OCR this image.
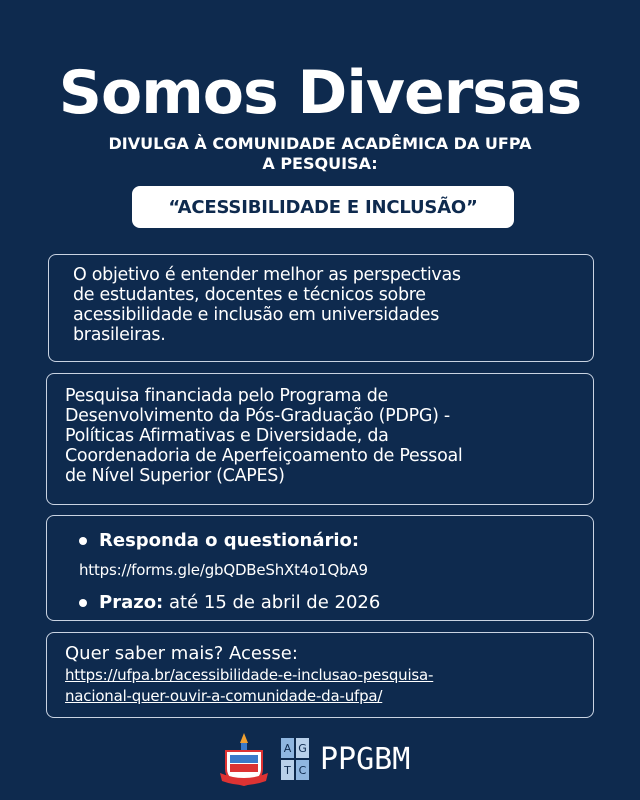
Somos Diversas
DIVULGA À COMUNIDADE ACADÊMICA DA UFPA
A PESQUISA:
“ACESSIBILIDADE E INCLUSÃO”
O objetivo é entender melhor as perspectivas
de estudantes, docentes e técnicos sobre
acessibilidade e inclusão em universidades
brasileiras.
Pesquisa financiada pelo Programa de
Desenvolvimento da Pós-Graduação (PDPG) -
Políticas Afirmativas e Diversidade, da
Coordenadoria de Aperfeiçoamento de Pessoal
de Nível Superior (CAPES)
Responda o questionário:
https://forms.gle/gbQDBeShXt4o1QbA9
Prazo: até 15 de abril de 2026
Quer saber mais? Acesse:
https://ufpa.br/acessibilidade-e-inclusao-pesquisa-
nacional-quer-ouvir-a-comunidade-da-ufpa/
A G
T C PPGBM
